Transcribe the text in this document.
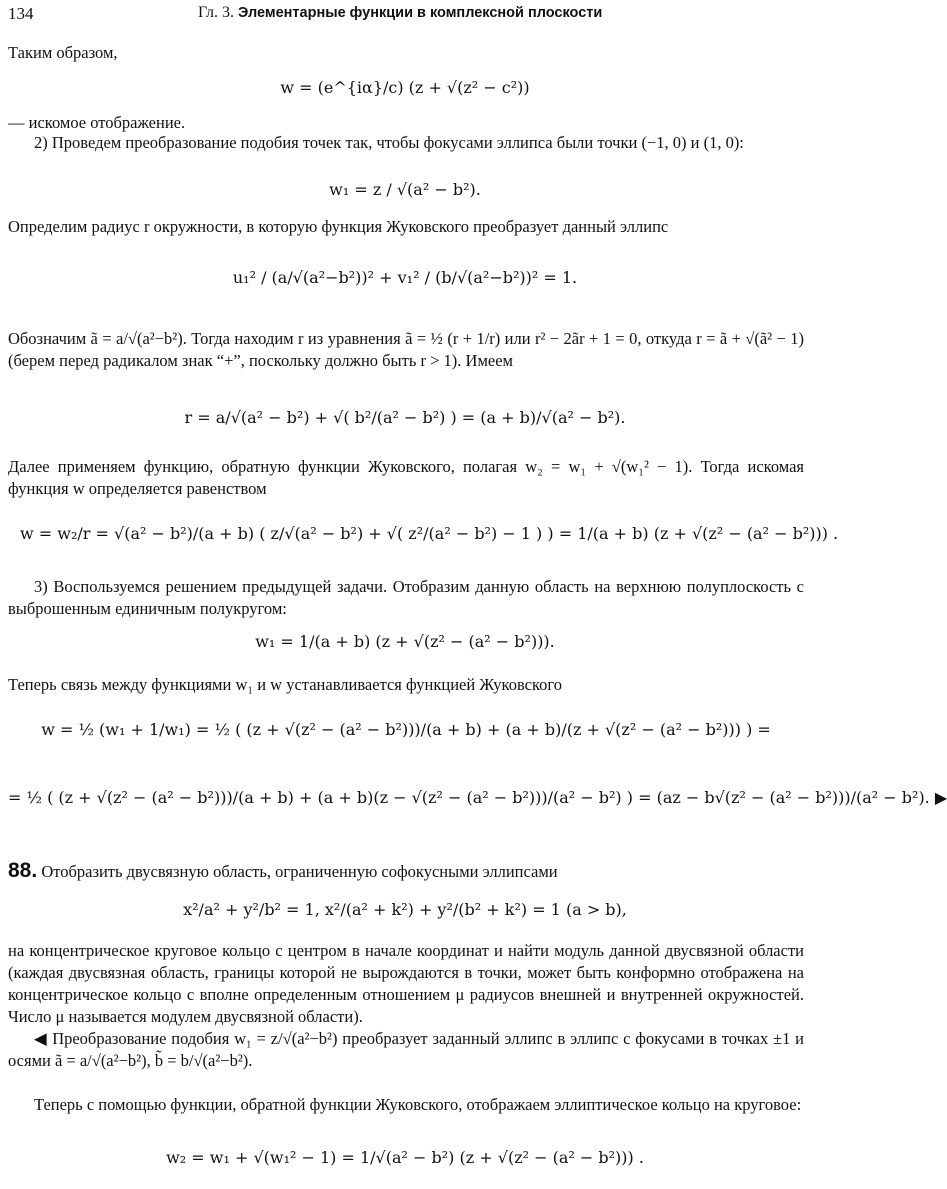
134	Гл. 3. Элементарные функции в комплексной плоскости
Таким образом,
w = (e^{iα}/c) (z + √(z² − c²))
— искомое отображение.
2) Проведем преобразование подобия точек так, чтобы фокусами эллипса были точки (−1, 0) и (1, 0):
w₁ = z / √(a² − b²).
Определим радиус r окружности, в которую функция Жуковского преобразует данный эллипс
u₁² / (a/√(a²−b²))² + v₁² / (b/√(a²−b²))² = 1.
Обозначим ã = a/√(a²−b²). Тогда находим r из уравнения ã = ½ (r + 1/r) или r² − 2ãr + 1 = 0, откуда r = ã + √(ã² − 1) (берем перед радикалом знак “+”, поскольку должно быть r > 1). Имеем
r = a/√(a² − b²) + √( b²/(a² − b²) ) = (a + b)/√(a² − b²).
Далее применяем функцию, обратную функции Жуковского, полагая w₂ = w₁ + √(w₁² − 1). Тогда искомая функция w определяется равенством
w = w₂/r = √(a² − b²)/(a + b) ( z/√(a² − b²) + √( z²/(a² − b²) − 1 ) ) = 1/(a + b) (z + √(z² − (a² − b²))) .
3) Воспользуемся решением предыдущей задачи. Отобразим данную область на верхнюю полуплоскость с выброшенным единичным полукругом:
w₁ = 1/(a + b) (z + √(z² − (a² − b²))).
Теперь связь между функциями w₁ и w устанавливается функцией Жуковского
w = ½ (w₁ + 1/w₁) = ½ ( (z + √(z² − (a² − b²)))/(a + b) + (a + b)/(z + √(z² − (a² − b²))) ) =
= ½ ( (z + √(z² − (a² − b²)))/(a + b) + (a + b)(z − √(z² − (a² − b²)))/(a² − b²) ) = (az − b√(z² − (a² − b²)))/(a² − b²). ▶
88. Отобразить двусвязную область, ограниченную софокусными эллипсами
x²/a² + y²/b² = 1, x²/(a² + k²) + y²/(b² + k²) = 1 (a > b),
на концентрическое круговое кольцо с центром в начале координат и найти модуль данной двусвязной области (каждая двусвязная область, границы которой не вырождаются в точки, может быть конформно отображена на концентрическое кольцо с вполне определенным отношением μ радиусов внешней и внутренней окружностей. Число μ называется модулем двусвязной области).
◀ Преобразование подобия w₁ = z/√(a²−b²) преобразует заданный эллипс в эллипс с фокусами в точках ±1 и осями ã = a/√(a²−b²), b̃ = b/√(a²−b²).
Теперь с помощью функции, обратной функции Жуковского, отображаем эллиптическое кольцо на круговое:
w₂ = w₁ + √(w₁² − 1) = 1/√(a² − b²) (z + √(z² − (a² − b²))) .
